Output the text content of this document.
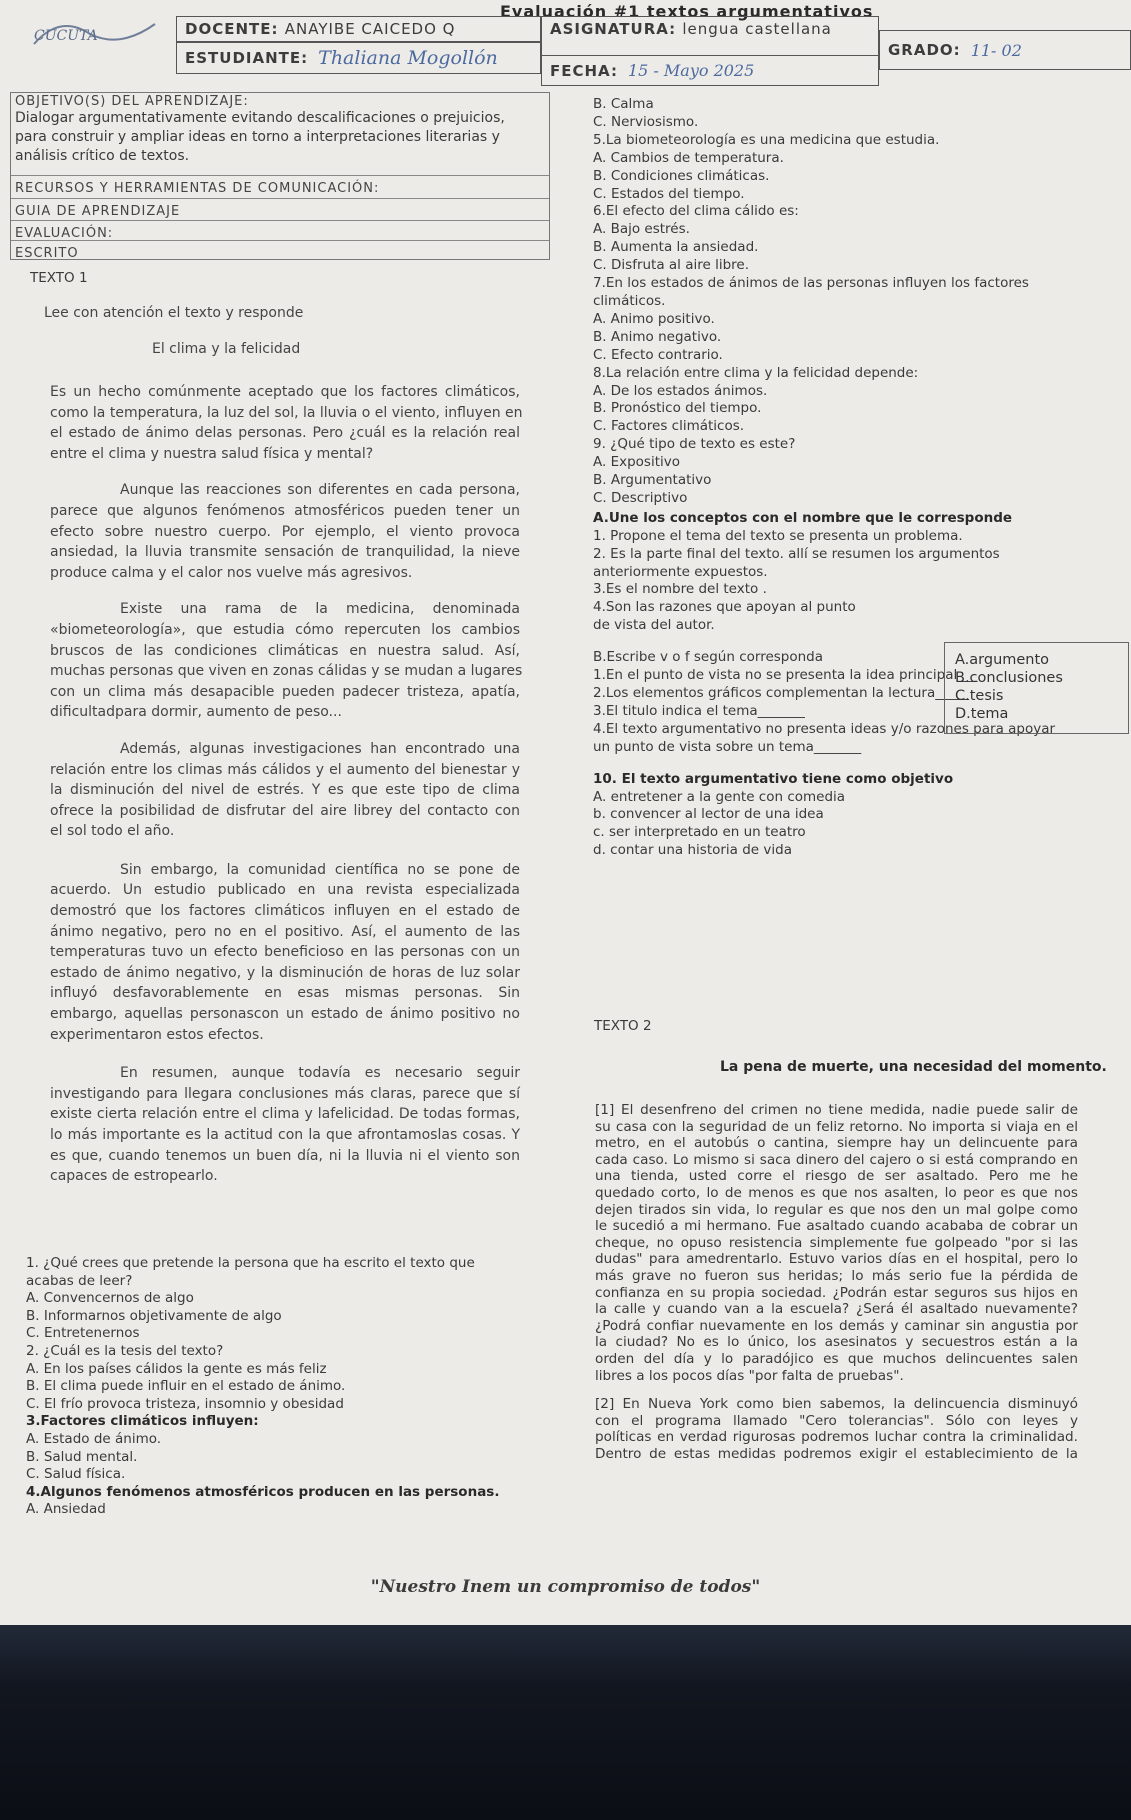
CUCUTA
Evaluación #1 textos argumentativos
DOCENTE:
ANAYIBE CAICEDO Q	ASIGNATURA:
lengua castellana
GRADO: 11- 02
ESTUDIANTE: Thaliana Mogollón
FECHA: 15 - Mayo 2025
OBJETIVO(S) DEL APRENDIZAJE:
Dialogar argumentativamente evitando descalificaciones o prejuicios,
para construir y ampliar ideas en torno a interpretaciones literarias y
análisis crítico de textos.
RECURSOS Y HERRAMIENTAS DE COMUNICACIÓN:
GUIA DE APRENDIZAJE
EVALUACIÓN:
ESCRITO
TEXTO 1
Lee con atención el texto y responde
El clima y la felicidad
Es un hecho comúnmente aceptado que los factores climáticos,
como la temperatura, la luz del sol, la lluvia o el viento, influyen en
el estado de ánimo delas personas. Pero ¿cuál es la relación real
entre el clima y nuestra salud física y mental?
Aunque las reacciones son diferentes en cada persona,
parece que algunos fenómenos atmosféricos pueden tener un
efecto sobre nuestro cuerpo. Por ejemplo, el viento provoca
ansiedad, la lluvia transmite sensación de tranquilidad, la nieve
produce calma y el calor nos vuelve más agresivos.
Existe una rama de la medicina, denominada
«biometeorología», que estudia cómo repercuten los cambios
bruscos de las condiciones climáticas en nuestra salud. Así,
muchas personas que viven en zonas cálidas y se mudan a lugares
con un clima más desapacible pueden padecer tristeza, apatía,
dificultadpara dormir, aumento de peso...
Además, algunas investigaciones han encontrado una
relación entre los climas más cálidos y el aumento del bienestar y
la disminución del nivel de estrés. Y es que este tipo de clima
ofrece la posibilidad de disfrutar del aire librey del contacto con
el sol todo el año.
Sin embargo, la comunidad científica no se pone de
acuerdo. Un estudio publicado en una revista especializada
demostró que los factores climáticos influyen en el estado de
ánimo negativo, pero no en el positivo. Así, el aumento de las
temperaturas tuvo un efecto beneficioso en las personas con un
estado de ánimo negativo, y la disminución de horas de luz solar
influyó desfavorablemente en esas mismas personas. Sin
embargo, aquellas personascon un estado de ánimo positivo no
experimentaron estos efectos.
En resumen, aunque todavía es necesario seguir
investigando para llegara conclusiones más claras, parece que sí
existe cierta relación entre el clima y lafelicidad. De todas formas,
lo más importante es la actitud con la que afrontamoslas cosas. Y
es que, cuando tenemos un buen día, ni la lluvia ni el viento son
capaces de estropearlo.
1. ¿Qué crees que pretende la persona que ha escrito el texto que
acabas de leer?
A. Convencernos de algo
B. Informarnos objetivamente de algo
C. Entretenernos
2. ¿Cuál es la tesis del texto?
A. En los países cálidos la gente es más feliz
B. El clima puede influir en el estado de ánimo.
C. El frío provoca tristeza, insomnio y obesidad
3.Factores climáticos influyen:
A. Estado de ánimo.
B. Salud mental.
C. Salud física.
4.Algunos fenómenos atmosféricos producen en las personas.
A. Ansiedad
B. Calma
C. Nerviosismo.
5.La biometeorología es una medicina que estudia.
A. Cambios de temperatura.
B. Condiciones climáticas.
C. Estados del tiempo.
6.El efecto del clima cálido es:
A. Bajo estrés.
B. Aumenta la ansiedad.
C. Disfruta al aire libre.
7.En los estados de ánimos de las personas influyen los factores
climáticos.
A. Animo positivo.
B. Animo negativo.
C. Efecto contrario.
8.La relación entre clima y la felicidad depende:
A. De los estados ánimos.
B. Pronóstico del tiempo.
C. Factores climáticos.
9. ¿Qué tipo de texto es este?
A. Expositivo
B. Argumentativo
C. Descriptivo
A.Une los conceptos con el nombre que le corresponde
1. Propone el tema del texto se presenta un problema.
2. Es la parte final del texto. allí se resumen los argumentos
anteriormente expuestos.
3.Es el nombre del texto .
4.Son las razones que apoyan al punto
de vista del autor.
B.Escribe v o f según corresponda
1.En el punto de vista no se presenta la idea principal___
2.Los elementos gráficos complementan la lectura_____
3.El titulo indica el tema_______
4.El texto argumentativo no presenta ideas y/o razones para apoyar
un punto de vista sobre un tema_______
10. El texto argumentativo tiene como objetivo
A. entretener a la gente con comedia
b. convencer al lector de una idea
c. ser interpretado en un teatro
d. contar una historia de vida
A.argumento
B.conclusiones
C.tesis
D.tema
TEXTO 2
La pena de muerte, una necesidad del momento.
[1] El desenfreno del crimen no tiene medida, nadie puede salir de
su casa con la seguridad de un feliz retorno. No importa si viaja en el
metro, en el autobús o cantina, siempre hay un delincuente para
cada caso. Lo mismo si saca dinero del cajero o si está comprando en
una tienda, usted corre el riesgo de ser asaltado. Pero me he
quedado corto, lo de menos es que nos asalten, lo peor es que nos
dejen tirados sin vida, lo regular es que nos den un mal golpe como
le sucedió a mi hermano. Fue asaltado cuando acababa de cobrar un
cheque, no opuso resistencia simplemente fue golpeado "por si las
dudas" para amedrentarlo. Estuvo varios días en el hospital, pero lo
más grave no fueron sus heridas; lo más serio fue la pérdida de
confianza en su propia sociedad. ¿Podrán estar seguros sus hijos en
la calle y cuando van a la escuela? ¿Será él asaltado nuevamente?
¿Podrá confiar nuevamente en los demás y caminar sin angustia por
la ciudad? No es lo único, los asesinatos y secuestros están a la
orden del día y lo paradójico es que muchos delincuentes salen
libres a los pocos días "por falta de pruebas".
[2] En Nueva York como bien sabemos, la delincuencia disminuyó
con el programa llamado "Cero tolerancias". Sólo con leyes y
políticas en verdad rigurosas podremos luchar contra la criminalidad.
Dentro de estas medidas podremos exigir el establecimiento de la
"Nuestro Inem un compromiso de todos"
